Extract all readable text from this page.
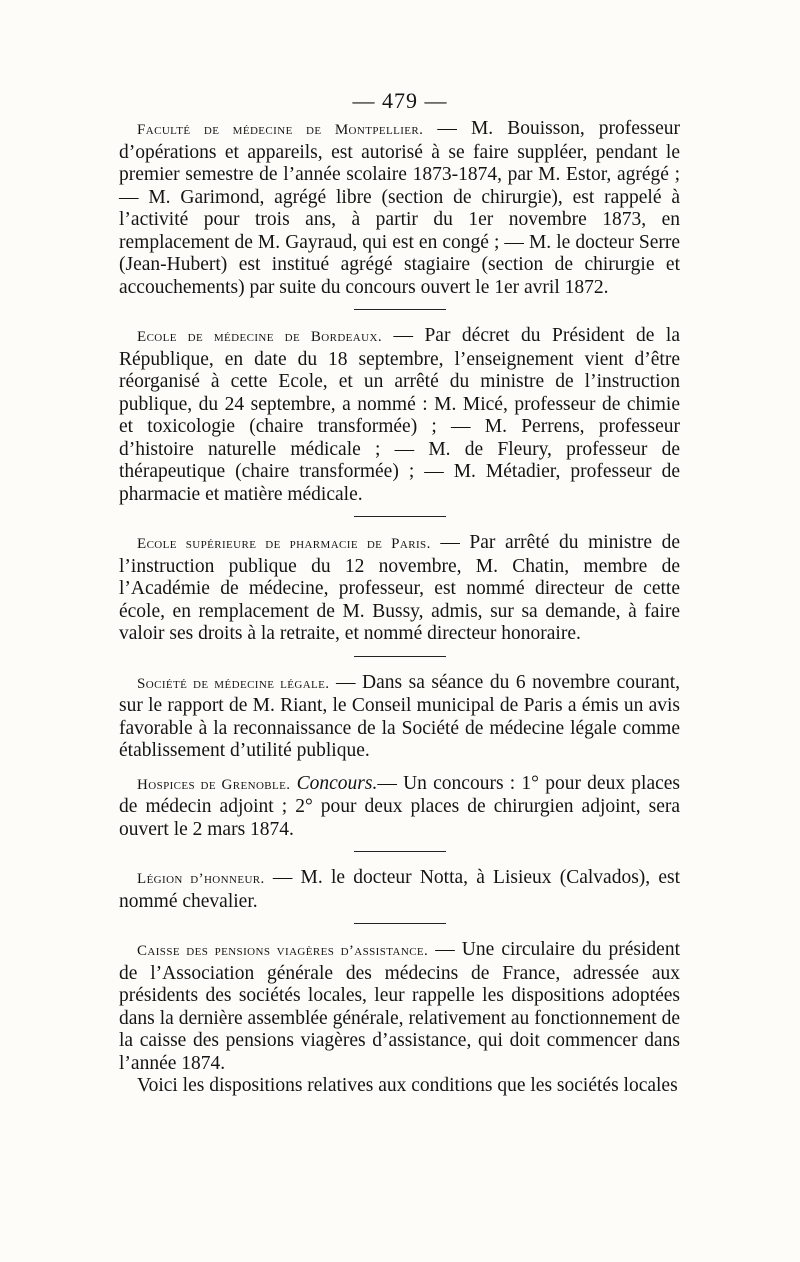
— 479 —

Faculté de médecine de Montpellier. — M. Bouisson, professeur d’opérations et appareils, est autorisé à se faire suppléer, pendant le premier semestre de l’année scolaire 1873-1874, par M. Estor, agrégé ; — M. Garimond, agrégé libre (section de chirurgie), est rappelé à l’activité pour trois ans, à partir du 1er novembre 1873, en remplacement de M. Gayraud, qui est en congé ; — M. le docteur Serre (Jean-Hubert) est institué agrégé stagiaire (section de chirurgie et accouchements) par suite du concours ouvert le 1er avril 1872.

Ecole de médecine de Bordeaux. — Par décret du Président de la République, en date du 18 septembre, l’enseignement vient d’être réorganisé à cette Ecole, et un arrêté du ministre de l’instruction publique, du 24 septembre, a nommé : M. Micé, professeur de chimie et toxicologie (chaire transformée) ; — M. Perrens, professeur d’histoire naturelle médicale ; — M. de Fleury, professeur de thérapeutique (chaire transformée) ; — M. Métadier, professeur de pharmacie et matière médicale.

Ecole supérieure de pharmacie de Paris. — Par arrêté du ministre de l’instruction publique du 12 novembre, M. Chatin, membre de l’Académie de médecine, professeur, est nommé directeur de cette école, en remplacement de M. Bussy, admis, sur sa demande, à faire valoir ses droits à la retraite, et nommé directeur honoraire.

Société de médecine légale. — Dans sa séance du 6 novembre courant, sur le rapport de M. Riant, le Conseil municipal de Paris a émis un avis favorable à la reconnaissance de la Société de médecine légale comme établissement d’utilité publique.

Hospices de Grenoble. Concours.— Un concours : 1° pour deux places de médecin adjoint ; 2° pour deux places de chirurgien adjoint, sera ouvert le 2 mars 1874.

Légion d’honneur. — M. le docteur Notta, à Lisieux (Calvados), est nommé chevalier.

Caisse des pensions viagères d’assistance. — Une circulaire du président de l’Association générale des médecins de France, adressée aux présidents des sociétés locales, leur rappelle les dispositions adoptées dans la dernière assemblée générale, relativement au fonctionnement de la caisse des pensions viagères d’assistance, qui doit commencer dans l’année 1874.

Voici les dispositions relatives aux conditions que les sociétés locales
